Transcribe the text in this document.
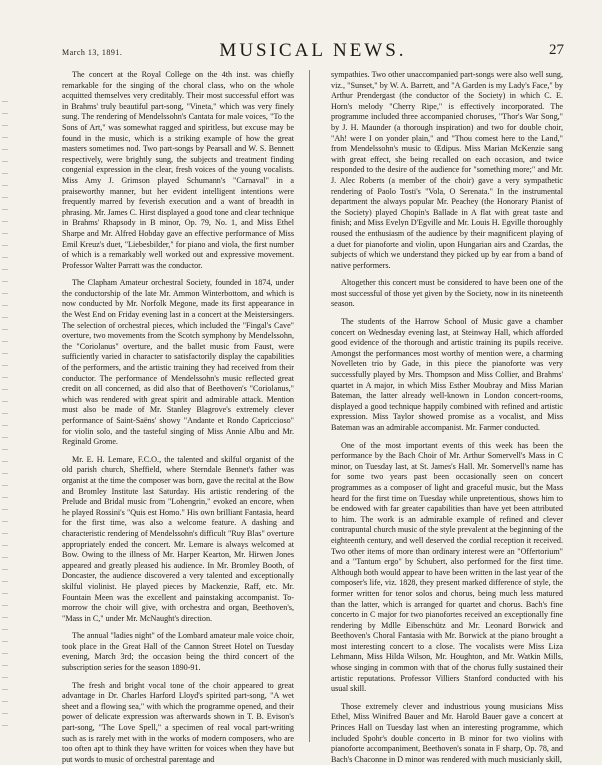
March 13, 1891.	MUSICAL NEWS.	27

The concert at the Royal College on the 4th inst. was chiefly remarkable for the singing of the choral class, who on the whole acquitted themselves very creditably. Their most successful effort was in Brahms' truly beautiful part-song, "Vineta," which was very finely sung. The rendering of Mendelssohn's Cantata for male voices, "To the Sons of Art," was somewhat ragged and spiritless, but excuse may be found in the music, which is a striking example of how the great masters sometimes nod. Two part-songs by Pearsall and W. S. Bennett respectively, were brightly sung, the subjects and treatment finding congenial expression in the clear, fresh voices of the young vocalists. Miss Amy J. Grimson played Schumann's "Carnaval" in a praiseworthy manner, but her evident intelligent intentions were frequently marred by feverish execution and a want of breadth in phrasing. Mr. James C. Hirst displayed a good tone and clear technique in Brahms' Rhapsody in B minor, Op. 79, No. 1, and Miss Ethel Sharpe and Mr. Alfred Hobday gave an effective performance of Miss Emil Kreuz's duet, "Liebesbilder," for piano and viola, the first number of which is a remarkably well worked out and expressive movement. Professor Walter Parratt was the conductor.

The Clapham Amateur orchestral Society, founded in 1874, under the conductorship of the late Mr. Ammon Winterbottom, and which is now conducted by Mr. Norfolk Megone, made its first appearance in the West End on Friday evening last in a concert at the Meistersingers. The selection of orchestral pieces, which included the "Fingal's Cave" overture, two movements from the Scotch symphony by Mendelssohn, the "Coriolanus" overture, and the ballet music from Faust, were sufficiently varied in character to satisfactorily display the capabilities of the performers, and the artistic training they had received from their conductor. The performance of Mendelssohn's music reflected great credit on all concerned, as did also that of Beethoven's "Coriolanus," which was rendered with great spirit and admirable attack. Mention must also be made of Mr. Stanley Blagrove's extremely clever performance of Saint-Saëns' showy "Andante et Rondo Capriccioso" for violin solo, and the tasteful singing of Miss Annie Albu and Mr. Reginald Grome.

Mr. E. H. Lemare, F.C.O., the talented and skilful organist of the old parish church, Sheffield, where Sterndale Bennet's father was organist at the time the composer was born, gave the recital at the Bow and Bromley Institute last Saturday. His artistic rendering of the Prelude and Bridal music from "Lohengrin," evoked an encore, when he played Rossini's "Quis est Homo." His own brilliant Fantasia, heard for the first time, was also a welcome feature. A dashing and characteristic rendering of Mendelssohn's difficult "Ruy Blas" overture appropriately ended the concert. Mr. Lemare is always welcomed at Bow. Owing to the illness of Mr. Harper Kearton, Mr. Hirwen Jones appeared and greatly pleased his audience. In Mr. Bromley Booth, of Doncaster, the audience discovered a very talented and exceptionally skilful violinist. He played pieces by Mackenzie, Raff, etc. Mr. Fountain Meen was the excellent and painstaking accompanist. To-morrow the choir will give, with orchestra and organ, Beethoven's, "Mass in C," under Mr. McNaught's direction.

The annual "ladies night" of the Lombard amateur male voice choir, took place in the Great Hall of the Cannon Street Hotel on Tuesday evening, March 3rd; the occasion being the third concert of the subscription series for the season 1890-91.

The fresh and bright vocal tone of the choir appeared to great advantage in Dr. Charles Harford Lloyd's spirited part-song, "A wet sheet and a flowing sea," with which the programme opened, and their power of delicate expression was afterwards shown in T. B. Evison's part-song, "The Love Spell," a specimen of real vocal part-writing such as is rarely met with in the works of modern composers, who are too often apt to think they have written for voices when they have but put words to music of orchestral parentage and

sympathies. Two other unaccompanied part-songs were also well sung, viz., "Sunset," by W. A. Barrett, and "A Garden is my Lady's Face," by Arthur Prendergast (the conductor of the Society) in which C. E. Horn's melody "Cherry Ripe," is effectively incorporated. The programme included three accompanied choruses, "Thor's War Song," by J. H. Maunder (a thorough inspiration) and two for double choir, "Ah! were I on yonder plain," and "Thou comest here to the Land," from Mendelssohn's music to Œdipus. Miss Marian McKenzie sang with great effect, she being recalled on each occasion, and twice responded to the desire of the audience for "something more;" and Mr. J. Alec Roberts (a member of the choir) gave a very sympathetic rendering of Paolo Tosti's "Vola, O Serenata." In the instrumental department the always popular Mr. Peachey (the Honorary Pianist of the Society) played Chopin's Ballade in A flat with great taste and finish; and Miss Evelyn D'Egville and Mr. Louis H. Egville thoroughly roused the enthusiasm of the audience by their magnificent playing of a duet for pianoforte and violin, upon Hungarian airs and Czardas, the subjects of which we understand they picked up by ear from a band of native performers.

Altogether this concert must be considered to have been one of the most successful of those yet given by the Society, now in its nineteenth season.

The students of the Harrow School of Music gave a chamber concert on Wednesday evening last, at Steinway Hall, which afforded good evidence of the thorough and artistic training its pupils receive. Amongst the performances most worthy of mention were, a charming Novelleten trio by Gade, in this piece the pianoforte was very successfully played by Mrs. Thompson and Miss Collier, and Brahms' quartet in A major, in which Miss Esther Moubray and Miss Marian Bateman, the latter already well-known in London concert-rooms, displayed a good technique happily combined with refined and artistic expression. Miss Taylor showed promise as a vocalist, and Miss Bateman was an admirable accompanist. Mr. Farmer conducted.

One of the most important events of this week has been the performance by the Bach Choir of Mr. Arthur Somervell's Mass in C minor, on Tuesday last, at St. James's Hall. Mr. Somervell's name has for some two years past been occasionally seen on concert programmes as a composer of light and graceful music, but the Mass heard for the first time on Tuesday while unpretentious, shows him to be endowed with far greater capabilities than have yet been attributed to him. The work is an admirable example of refined and clever contrapuntal church music of the style prevalent at the beginning of the eighteenth century, and well deserved the cordial reception it received. Two other items of more than ordinary interest were an "Offertorium" and a "Tantum ergo" by Schubert, also performed for the first time. Although both would appear to have been written in the last year of the composer's life, viz. 1828, they present marked difference of style, the former written for tenor solos and chorus, being much less matured than the latter, which is arranged for quartet and chorus. Bach's fine concerto in C major for two pianofortes received an exceptionally fine rendering by Mdlle Eibenschütz and Mr. Leonard Borwick and Beethoven's Choral Fantasia with Mr. Borwick at the piano brought a most interesting concert to a close. The vocalists were Miss Liza Lehmann, Miss Hilda Wilson, Mr. Houghton, and Mr. Watkin Mills, whose singing in common with that of the chorus fully sustained their artistic reputations. Professor Villiers Stanford conducted with his usual skill.

Those extremely clever and industrious young musicians Miss Ethel, Miss Winifred Bauer and Mr. Harold Bauer gave a concert at Princes Hall on Tuesday last when an interesting programme, which included Spohr's double concerto in B minor for two violins with pianoforte accompaniment, Beethoven's sonata in F sharp, Op. 78, and Bach's Chaconne in D minor was rendered with much musicianly skill,
